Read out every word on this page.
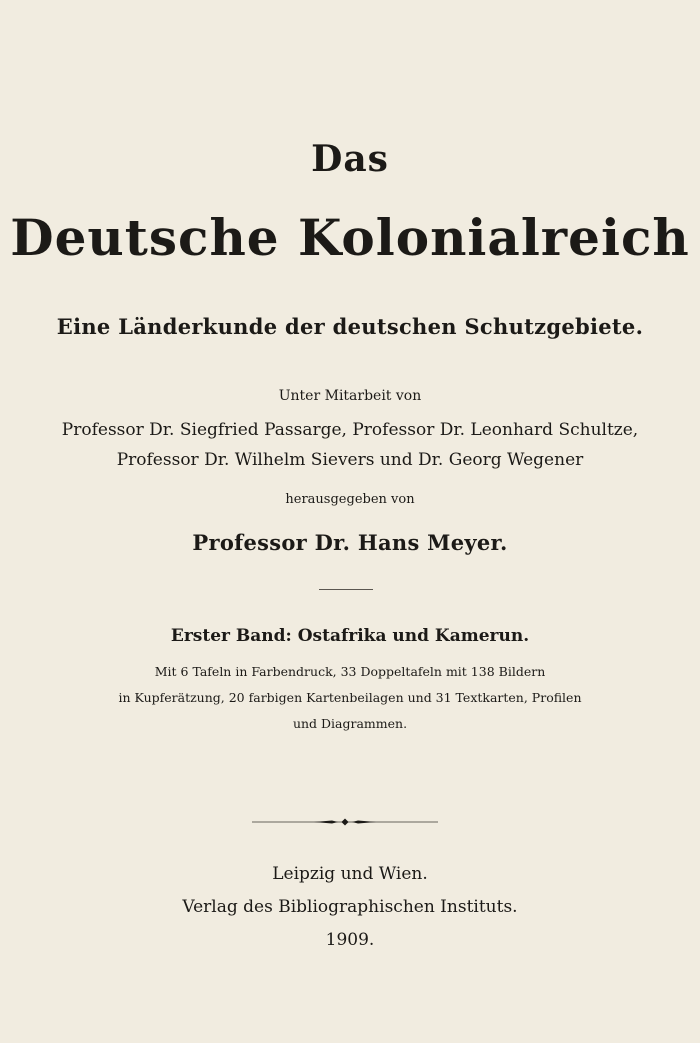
Das
Deutsche Kolonialreich
Eine Länderkunde der deutschen Schutzgebiete.
Unter Mitarbeit von
Professor Dr. Siegfried Passarge, Professor Dr. Leonhard Schultze,
Professor Dr. Wilhelm Sievers und Dr. Georg Wegener
herausgegeben von
Professor Dr. Hans Meyer.
Erster Band: Ostafrika und Kamerun.
Mit 6 Tafeln in Farbendruck, 33 Doppeltafeln mit 138 Bildern
in Kupferätzung, 20 farbigen Kartenbeilagen und 31 Textkarten, Profilen
und Diagrammen.
Leipzig und Wien.
Verlag des Bibliographischen Instituts.
1909.
